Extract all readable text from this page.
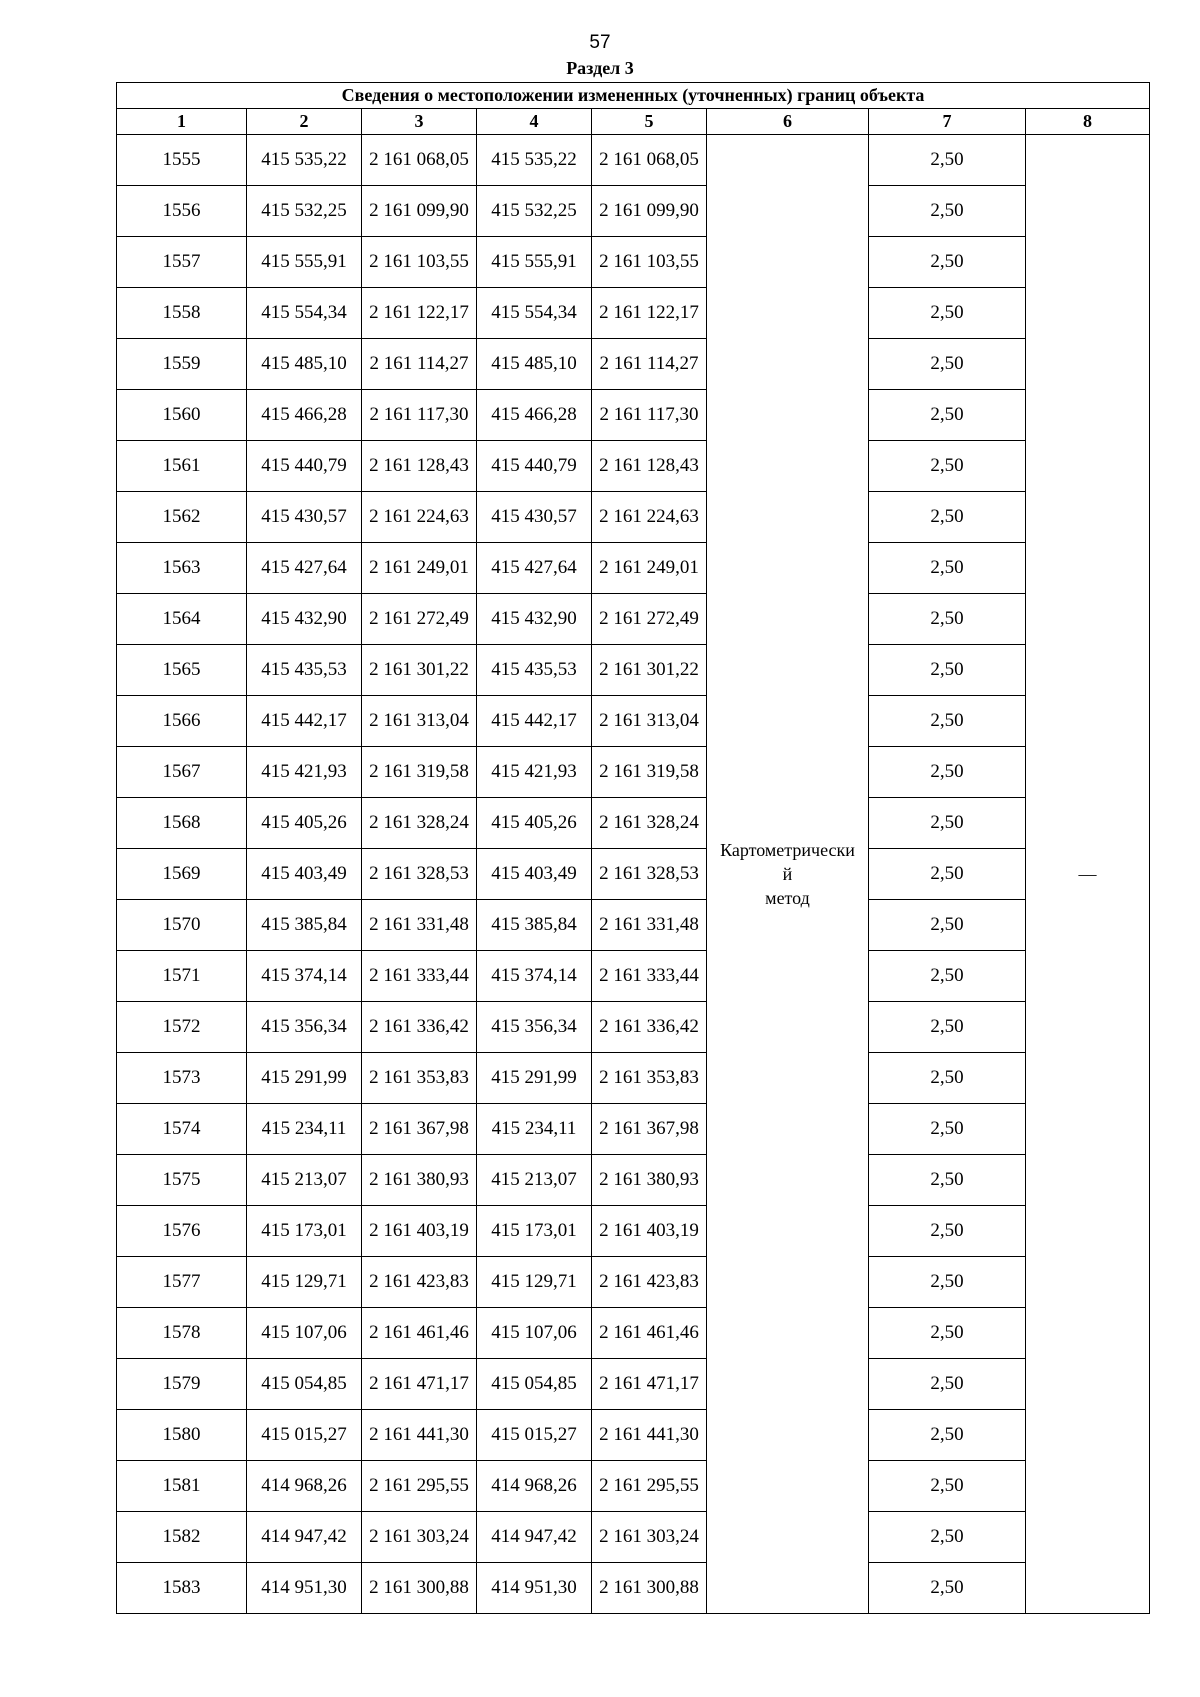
57
Раздел 3
Сведения о местоположении измененных (уточненных) границ объекта							
1	2	3	4	5	6	7	8
1555	415 535,22	2 161 068,05	415 535,22	2 161 068,05	Картометрически
й
метод	2,50	—
1556	415 532,25	2 161 099,90	415 532,25	2 161 099,90		2,50	
1557	415 555,91	2 161 103,55	415 555,91	2 161 103,55		2,50	
1558	415 554,34	2 161 122,17	415 554,34	2 161 122,17		2,50	
1559	415 485,10	2 161 114,27	415 485,10	2 161 114,27		2,50	
1560	415 466,28	2 161 117,30	415 466,28	2 161 117,30		2,50	
1561	415 440,79	2 161 128,43	415 440,79	2 161 128,43		2,50	
1562	415 430,57	2 161 224,63	415 430,57	2 161 224,63		2,50	
1563	415 427,64	2 161 249,01	415 427,64	2 161 249,01		2,50	
1564	415 432,90	2 161 272,49	415 432,90	2 161 272,49		2,50	
1565	415 435,53	2 161 301,22	415 435,53	2 161 301,22		2,50	
1566	415 442,17	2 161 313,04	415 442,17	2 161 313,04		2,50	
1567	415 421,93	2 161 319,58	415 421,93	2 161 319,58		2,50	
1568	415 405,26	2 161 328,24	415 405,26	2 161 328,24		2,50	
1569	415 403,49	2 161 328,53	415 403,49	2 161 328,53		2,50	
1570	415 385,84	2 161 331,48	415 385,84	2 161 331,48		2,50	
1571	415 374,14	2 161 333,44	415 374,14	2 161 333,44		2,50	
1572	415 356,34	2 161 336,42	415 356,34	2 161 336,42		2,50	
1573	415 291,99	2 161 353,83	415 291,99	2 161 353,83		2,50	
1574	415 234,11	2 161 367,98	415 234,11	2 161 367,98		2,50	
1575	415 213,07	2 161 380,93	415 213,07	2 161 380,93		2,50	
1576	415 173,01	2 161 403,19	415 173,01	2 161 403,19		2,50	
1577	415 129,71	2 161 423,83	415 129,71	2 161 423,83		2,50	
1578	415 107,06	2 161 461,46	415 107,06	2 161 461,46		2,50	
1579	415 054,85	2 161 471,17	415 054,85	2 161 471,17		2,50	
1580	415 015,27	2 161 441,30	415 015,27	2 161 441,30		2,50	
1581	414 968,26	2 161 295,55	414 968,26	2 161 295,55		2,50	
1582	414 947,42	2 161 303,24	414 947,42	2 161 303,24		2,50	
1583	414 951,30	2 161 300,88	414 951,30	2 161 300,88		2,50	
